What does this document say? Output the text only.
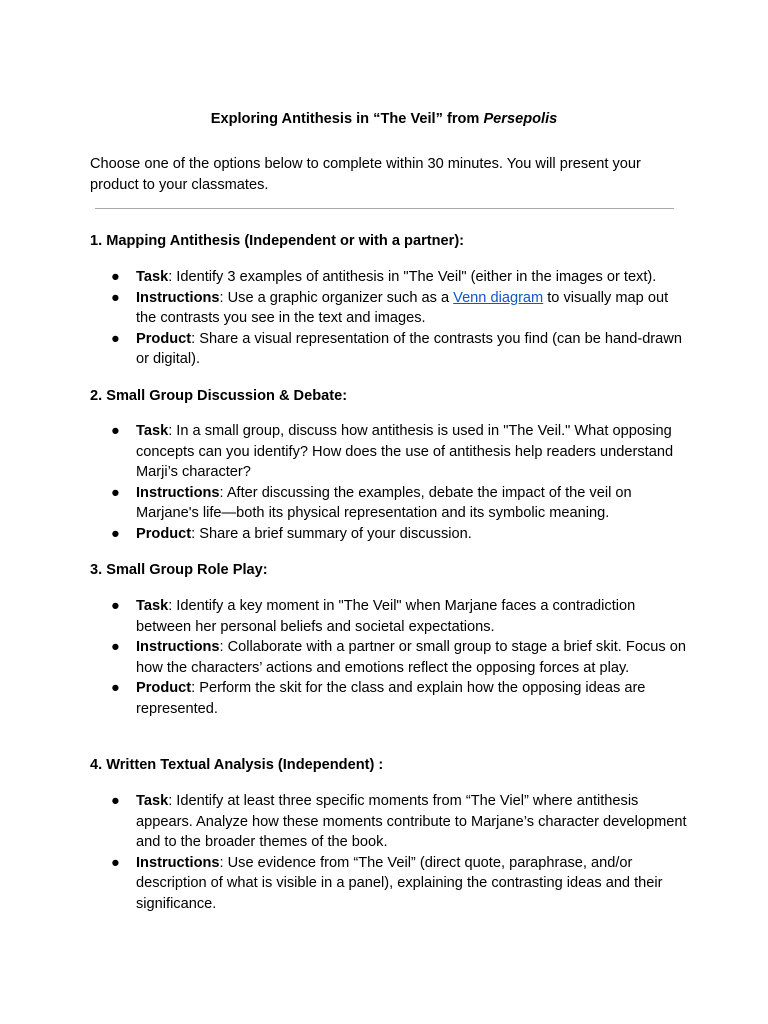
Exploring Antithesis in “The Veil” from Persepolis
Choose one of the options below to complete within 30 minutes. You will present your product to your classmates.
1. Mapping Antithesis (Independent or with a partner):
● Task: Identify 3 examples of antithesis in "The Veil" (either in the images or text).
● Instructions: Use a graphic organizer such as a Venn diagram to visually map out the contrasts you see in the text and images.
● Product: Share a visual representation of the contrasts you find (can be hand-drawn or digital).
2. Small Group Discussion & Debate:
● Task: In a small group, discuss how antithesis is used in "The Veil." What opposing concepts can you identify? How does the use of antithesis help readers understand Marji’s character?
● Instructions: After discussing the examples, debate the impact of the veil on Marjane's life—both its physical representation and its symbolic meaning.
● Product: Share a brief summary of your discussion.
3. Small Group Role Play:
● Task: Identify a key moment in "The Veil" when Marjane faces a contradiction between her personal beliefs and societal expectations.
● Instructions: Collaborate with a partner or small group to stage a brief skit. Focus on how the characters’ actions and emotions reflect the opposing forces at play.
● Product: Perform the skit for the class and explain how the opposing ideas are represented.
4. Written Textual Analysis (Independent) :
● Task: Identify at least three specific moments from “The Viel” where antithesis appears. Analyze how these moments contribute to Marjane’s character development and to the broader themes of the book.
● Instructions: Use evidence from “The Veil” (direct quote, paraphrase, and/or description of what is visible in a panel), explaining the contrasting ideas and their significance.
